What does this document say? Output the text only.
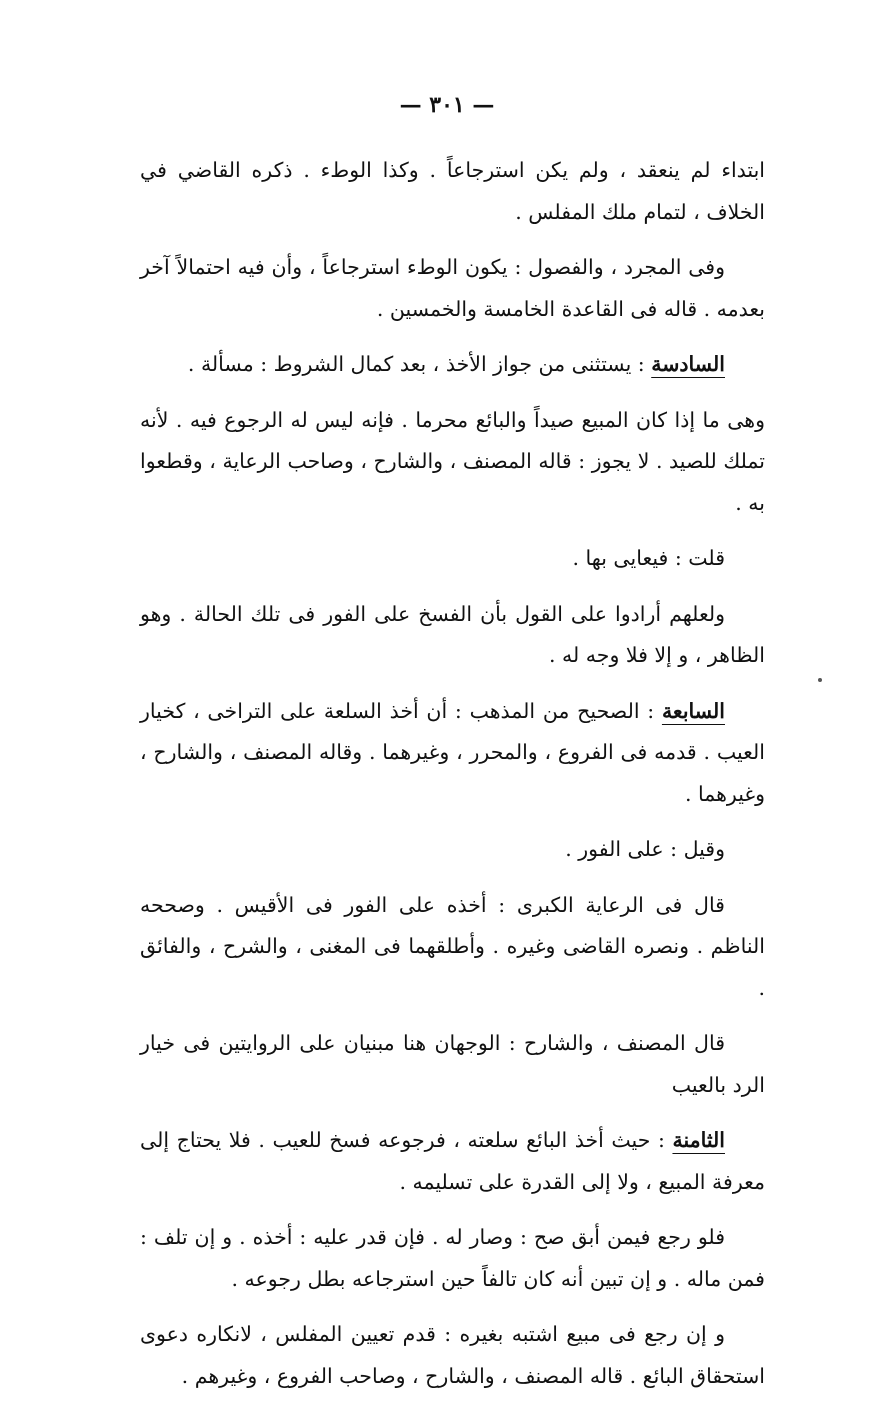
— ٣٠١ —

ابتداء لم ينعقد ، ولم يكن استرجاعاً . وكذا الوطء . ذكره القاضي في الخلاف ، لتمام ملك المفلس .

وفى المجرد ، والفصول : يكون الوطء استرجاعاً ، وأن فيه احتمالاً آخر بعدمه . قاله فى القاعدة الخامسة والخمسين .

السادسة : يستثنى من جواز الأخذ ، بعد كمال الشروط : مسألة .

وهى ما إذا كان المبيع صيداً والبائع محرما . فإنه ليس له الرجوع فيه . لأنه تملك للصيد . لا يجوز : قاله المصنف ، والشارح ، وصاحب الرعاية ، وقطعوا به .

قلت : فيعايى بها .

ولعلهم أرادوا على القول بأن الفسخ على الفور فى تلك الحالة . وهو الظاهر ، و إلا فلا وجه له .

السابعة : الصحيح من المذهب : أن أخذ السلعة على التراخى ، كخيار العيب . قدمه فى الفروع ، والمحرر ، وغيرهما . وقاله المصنف ، والشارح ، وغيرهما .

وقيل : على الفور .

قال فى الرعاية الكبرى : أخذه على الفور فى الأقيس . وصححه الناظم . ونصره القاضى وغيره . وأطلقهما فى المغنى ، والشرح ، والفائق .

قال المصنف ، والشارح : الوجهان هنا مبنيان على الروايتين فى خيار الرد بالعيب

الثامنة : حيث أخذ البائع سلعته ، فرجوعه فسخ للعيب . فلا يحتاج إلى معرفة المبيع ، ولا إلى القدرة على تسليمه .

فلو رجع فيمن أبق صح : وصار له . فإن قدر عليه : أخذه . و إن تلف : فمن ماله . و إن تبين أنه كان تالفاً حين استرجاعه بطل رجوعه .

و إن رجع فى مبيع اشتبه بغيره : قدم تعيين المفلس ، لانكاره دعوى استحقاق البائع . قاله المصنف ، والشارح ، وصاحب الفروع ، وغيرهم .
